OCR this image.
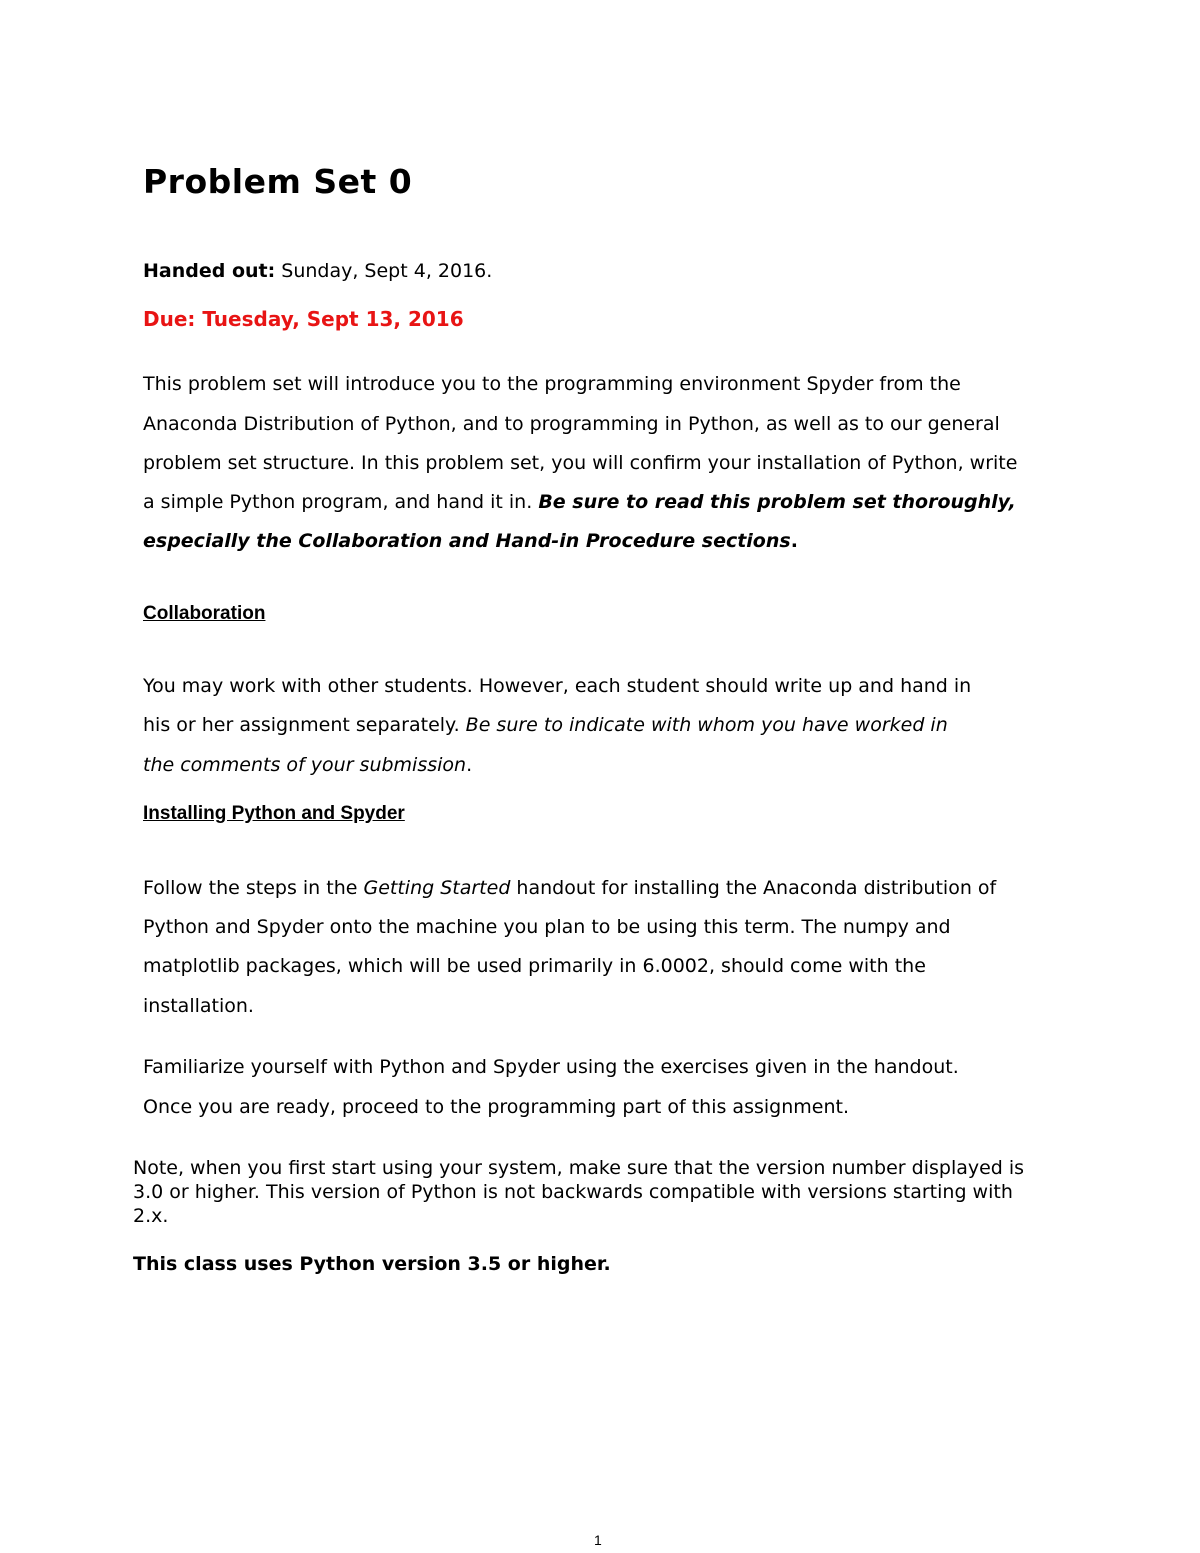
Problem Set 0
Handed out: Sunday, Sept 4, 2016.
Due: Tuesday, Sept 13, 2016
This problem set will introduce you to the programming environment Spyder from the
Anaconda Distribution of Python, and to programming in Python, as well as to our general
problem set structure. In this problem set, you will confirm your installation of Python, write
a simple Python program, and hand it in. Be sure to read this problem set thoroughly,
especially the Collaboration and Hand-in Procedure sections.
Collaboration
You may work with other students. However, each student should write up and hand in
his or her assignment separately. Be sure to indicate with whom you have worked in
the comments of your submission.
Installing Python and Spyder
Follow the steps in the Getting Started handout for installing the Anaconda distribution of
Python and Spyder onto the machine you plan to be using this term. The numpy and
matplotlib packages, which will be used primarily in 6.0002, should come with the
installation.
Familiarize yourself with Python and Spyder using the exercises given in the handout.
Once you are ready, proceed to the programming part of this assignment.
Note, when you first start using your system, make sure that the version number displayed is
3.0 or higher. This version of Python is not backwards compatible with versions starting with
2.x.
This class uses Python version 3.5 or higher.
1
